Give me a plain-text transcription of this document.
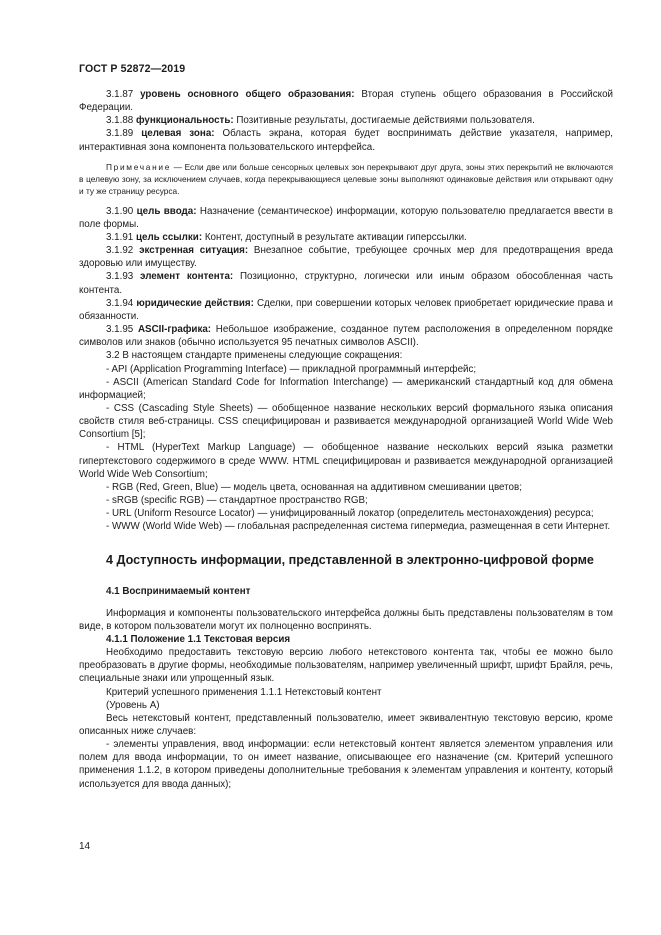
ГОСТ Р 52872—2019

3.1.87 уровень основного общего образования: Вторая ступень общего образования в Российской Федерации.

3.1.88 функциональность: Позитивные результаты, достигаемые действиями пользователя.

3.1.89 целевая зона: Область экрана, которая будет воспринимать действие указателя, например, интерактивная зона компонента пользовательского интерфейса.

Примечание — Если две или больше сенсорных целевых зон перекрывают друг друга, зоны этих перекрытий не включаются в целевую зону, за исключением случаев, когда перекрывающиеся целевые зоны выполняют одинаковые действия или открывают одну и ту же страницу ресурса.

3.1.90 цель ввода: Назначение (семантическое) информации, которую пользователю предлагается ввести в поле формы.

3.1.91 цель ссылки: Контент, доступный в результате активации гиперссылки.

3.1.92 экстренная ситуация: Внезапное событие, требующее срочных мер для предотвращения вреда здоровью или имуществу.

3.1.93 элемент контента: Позиционно, структурно, логически или иным образом обособленная часть контента.

3.1.94 юридические действия: Сделки, при совершении которых человек приобретает юридические права и обязанности.

3.1.95 ASCII-графика: Небольшое изображение, созданное путем расположения в определенном порядке символов или знаков (обычно используется 95 печатных символов ASCII).

3.2 В настоящем стандарте применены следующие сокращения:

- API (Application Programming Interface) — прикладной программный интерфейс;

- ASCII (American Standard Code for Information Interchange) — американский стандартный код для обмена информацией;

- CSS (Cascading Style Sheets) — обобщенное название нескольких версий формального языка описания свойств стиля веб-страницы. CSS специфицирован и развивается международной организацией World Wide Web Consortium [5];

- HTML (HyperText Markup Language) — обобщенное название нескольких версий языка разметки гипертекстового содержимого в среде WWW. HTML специфицирован и развивается международной организацией World Wide Web Consortium;

- RGB (Red, Green, Blue) — модель цвета, основанная на аддитивном смешивании цветов;

- sRGB (specific RGB) — стандартное пространство RGB;

- URL (Uniform Resource Locator) — унифицированный локатор (определитель местонахождения) ресурса;

- WWW (World Wide Web) — глобальная распределенная система гипермедиа, размещенная в сети Интернет.

4 Доступность информации, представленной в электронно-цифровой форме
4.1 Воспринимаемый контент

Информация и компоненты пользовательского интерфейса должны быть представлены пользователям в том виде, в котором пользователи могут их полноценно воспринять.

4.1.1 Положение 1.1 Текстовая версия

Необходимо предоставить текстовую версию любого нетекстового контента так, чтобы ее можно было преобразовать в другие формы, необходимые пользователям, например увеличенный шрифт, шрифт Брайля, речь, специальные знаки или упрощенный язык.

Критерий успешного применения 1.1.1 Нетекстовый контент

(Уровень А)

Весь нетекстовый контент, представленный пользователю, имеет эквивалентную текстовую версию, кроме описанных ниже случаев:

- элементы управления, ввод информации: если нетекстовый контент является элементом управления или полем для ввода информации, то он имеет название, описывающее его назначение (см. Критерий успешного применения 1.1.2, в котором приведены дополнительные требования к элементам управления и контенту, который используется для ввода данных);

14
